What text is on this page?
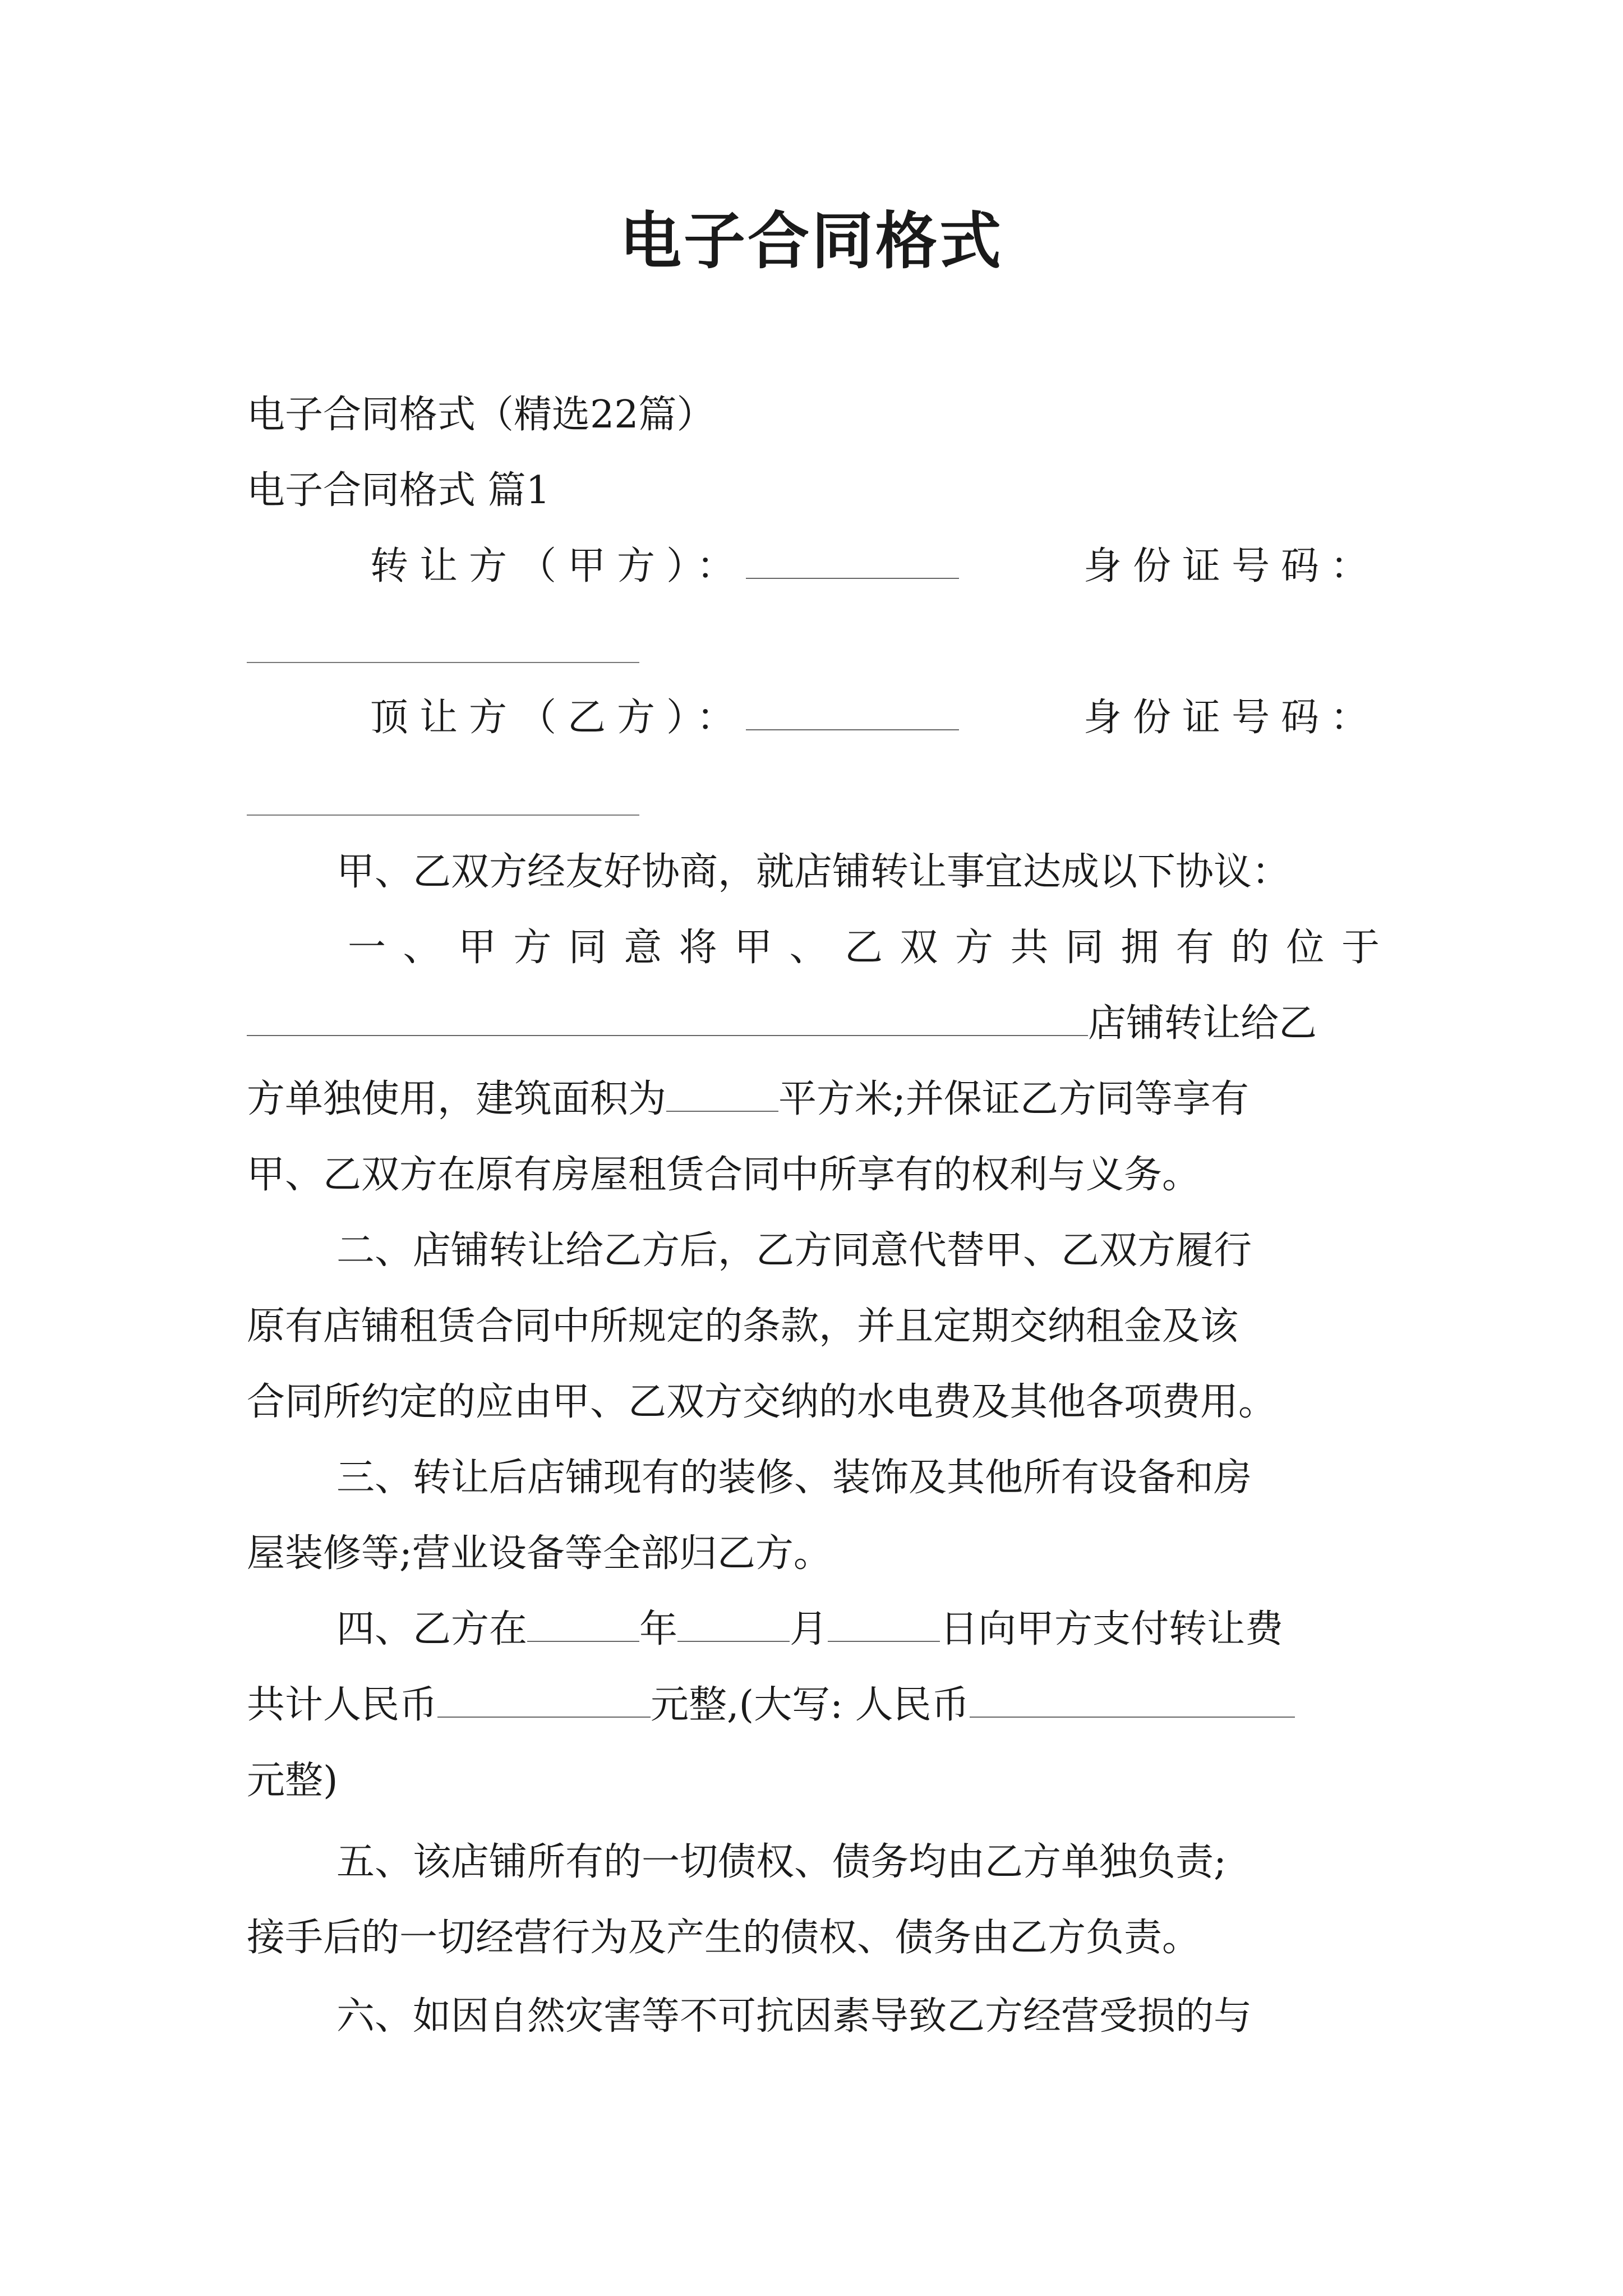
电子合同格式
电子合同格式（精选22篇）
电子合同格式 篇1
转让方（甲方）：	身份证号码：
顶让方（乙方）：	身份证号码：
甲、乙双方经友好协商，就店铺转让事宜达成以下协议：
一、甲方同意将甲、乙双方共同拥有的位于
店铺转让给乙
方单独使用，建筑面积为	平方米;并保证乙方同等享有
甲、乙双方在原有房屋租赁合同中所享有的权利与义务。
二、店铺转让给乙方后，乙方同意代替甲、乙双方履行
原有店铺租赁合同中所规定的条款，并且定期交纳租金及该
合同所约定的应由甲、乙双方交纳的水电费及其他各项费用。
三、转让后店铺现有的装修、装饰及其他所有设备和房
屋装修等;营业设备等全部归乙方。
四、乙方在	年	月	日向甲方支付转让费
共计人民币	元整,(大写: 人民币
元整)
五、该店铺所有的一切债权、债务均由乙方单独负责;
接手后的一切经营行为及产生的债权、债务由乙方负责。
六、如因自然灾害等不可抗因素导致乙方经营受损的与
